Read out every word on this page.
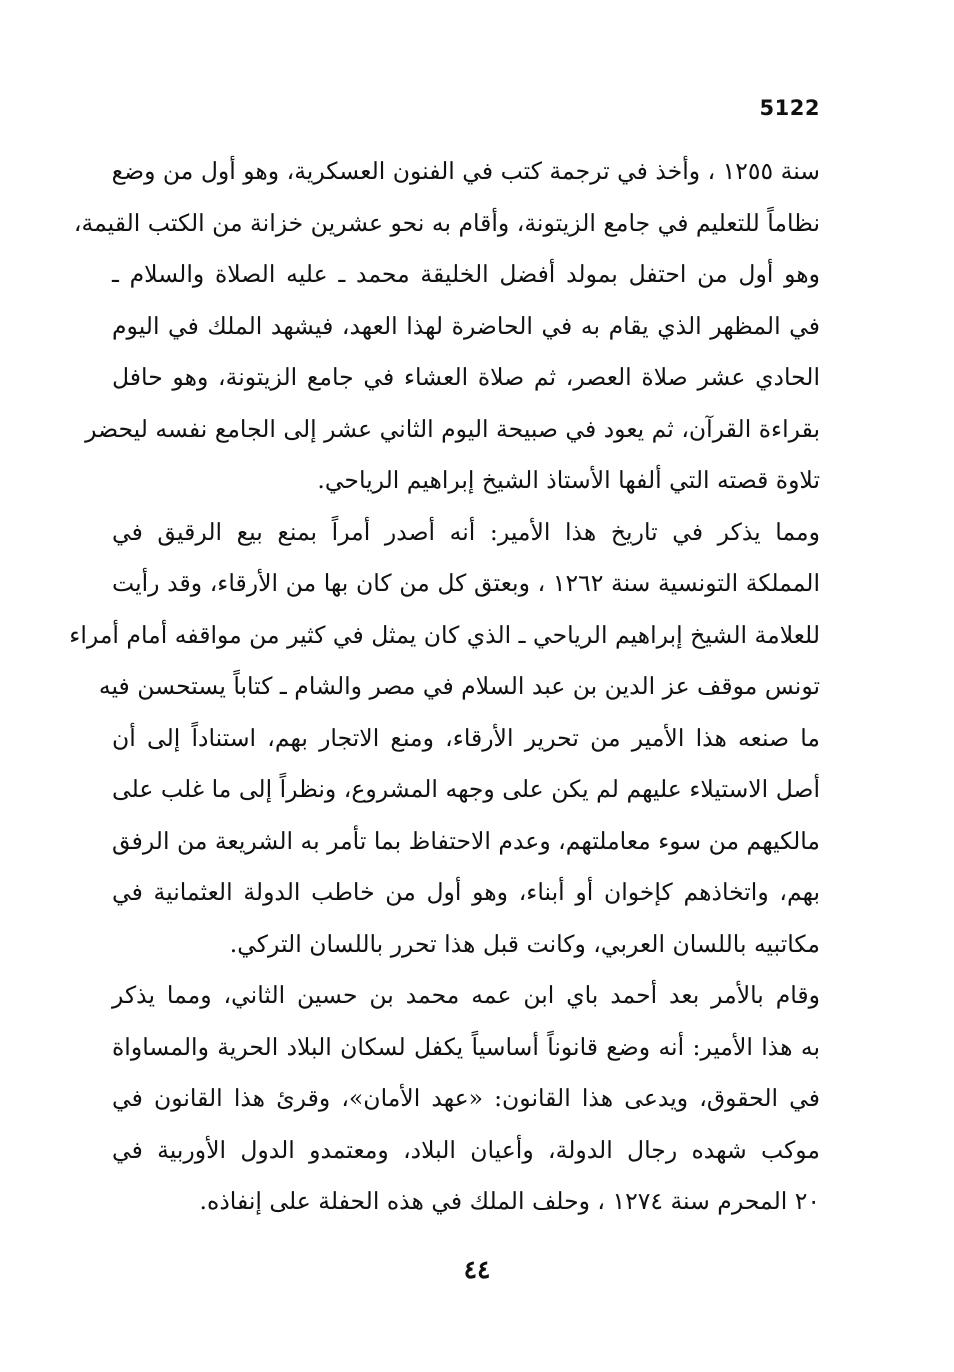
5122
سنة ١٢٥٥ ، وأخذ في ترجمة كتب في الفنون العسكرية، وهو أول من وضع
نظاماً للتعليم في جامع الزيتونة، وأقام به نحو عشرين خزانة من الكتب القيمة،
وهو أول من احتفل بمولد أفضل الخليقة محمد ـ عليه الصلاة والسلام ـ
في المظهر الذي يقام به في الحاضرة لهذا العهد، فيشهد الملك في اليوم
الحادي عشر صلاة العصر، ثم صلاة العشاء في جامع الزيتونة، وهو حافل
بقراءة القرآن، ثم يعود في صبيحة اليوم الثاني عشر إلى الجامع نفسه ليحضر
تلاوة قصته التي ألفها الأستاذ الشيخ إبراهيم الرياحي.
ومما يذكر في تاريخ هذا الأمير: أنه أصدر أمراً بمنع بيع الرقيق في
المملكة التونسية سنة ١٢٦٢ ، وبعتق كل من كان بها من الأرقاء، وقد رأيت
للعلامة الشيخ إبراهيم الرياحي ـ الذي كان يمثل في كثير من مواقفه أمام أمراء
تونس موقف عز الدين بن عبد السلام في مصر والشام ـ كتاباً يستحسن فيه
ما صنعه هذا الأمير من تحرير الأرقاء، ومنع الاتجار بهم، استناداً إلى أن
أصل الاستيلاء عليهم لم يكن على وجهه المشروع، ونظراً إلى ما غلب على
مالكيهم من سوء معاملتهم، وعدم الاحتفاظ بما تأمر به الشريعة من الرفق
بهم، واتخاذهم كإخوان أو أبناء، وهو أول من خاطب الدولة العثمانية في
مكاتبيه باللسان العربي، وكانت قبل هذا تحرر باللسان التركي.
وقام بالأمر بعد أحمد باي ابن عمه محمد بن حسين الثاني، ومما يذكر
به هذا الأمير: أنه وضع قانوناً أساسياً يكفل لسكان البلاد الحرية والمساواة
في الحقوق، ويدعى هذا القانون: «عهد الأمان»، وقرئ هذا القانون في
موكب شهده رجال الدولة، وأعيان البلاد، ومعتمدو الدول الأوربية في
٢٠ المحرم سنة ١٢٧٤ ، وحلف الملك في هذه الحفلة على إنفاذه.
٤٤
